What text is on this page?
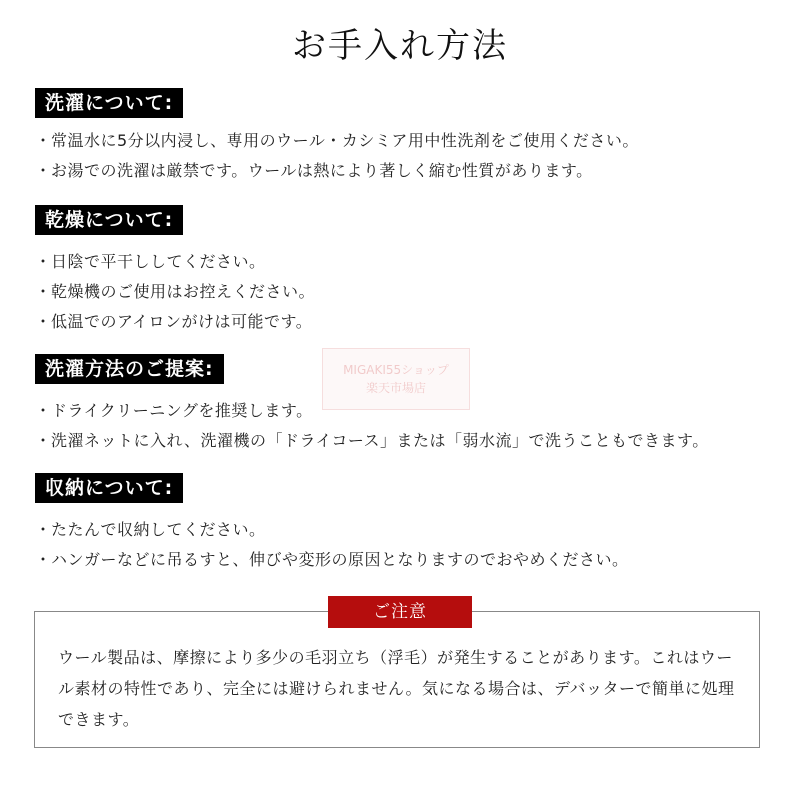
お手入れ方法
洗濯について:
・常温水に5分以内浸し、専用のウール・カシミア用中性洗剤をご使用ください。
・お湯での洗濯は厳禁です。ウールは熱により著しく縮む性質があります。
乾燥について:
・日陰で平干ししてください。
・乾燥機のご使用はお控えください。
・低温でのアイロンがけは可能です。
MIGAKI55ショップ
楽天市場店
洗濯方法のご提案:
・ドライクリーニングを推奨します。
・洗濯ネットに入れ、洗濯機の「ドライコース」または「弱水流」で洗うこともできます。
収納について:
・たたんで収納してください。
・ハンガーなどに吊るすと、伸びや変形の原因となりますのでおやめください。
ご注意

ウール製品は、摩擦により多少の毛羽立ち（浮毛）が発生することがあります。これはウール素材の特性であり、完全には避けられません。気になる場合は、デバッターで簡単に処理できます。
